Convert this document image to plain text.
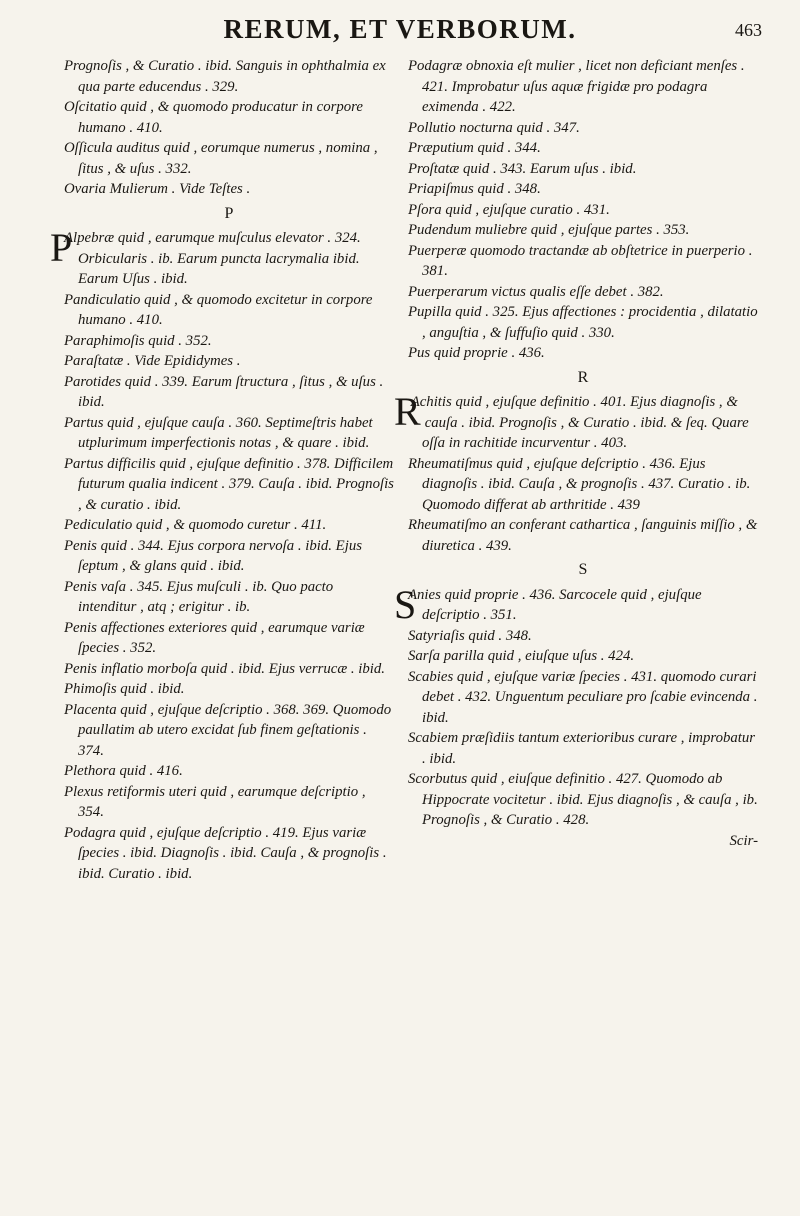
RERUM, ET VERBORUM.	463

Prognoſis , & Curatio . ibid. Sanguis in ophthalmia ex qua parte educendus . 329.

Oſcitatio quid , & quomodo producatur in corpore humano . 410.

Oſſicula auditus quid , eorumque numerus , nomina , ſitus , & uſus . 332.

Ovaria Mulierum . Vide Teſtes .

P

P
Alpebræ quid , earumque muſculus elevator . 324. Orbicularis . ib. Earum puncta lacrymalia ibid. Earum Uſus . ibid.

Pandiculatio quid , & quomodo excitetur in corpore humano . 410.

Paraphimoſis quid . 352.

Paraſtatæ . Vide Epididymes .

Parotides quid . 339. Earum ſtructura , ſitus , & uſus . ibid.

Partus quid , ejuſque cauſa . 360. Septimeſtris habet utplurimum imperfectionis notas , & quare . ibid.

Partus difficilis quid , ejuſque definitio . 378. Difficilem futurum qualia indicent . 379. Cauſa . ibid. Prognoſis , & curatio . ibid.

Pediculatio quid , & quomodo curetur . 411.

Penis quid . 344. Ejus corpora nervoſa . ibid. Ejus ſeptum , & glans quid . ibid.

Penis vaſa . 345. Ejus muſculi . ib. Quo pacto intenditur , atq ; erigitur . ib.

Penis affectiones exteriores quid , earumque variæ ſpecies . 352.

Penis inflatio morboſa quid . ibid. Ejus verrucæ . ibid.

Phimoſis quid . ibid.

Placenta quid , ejuſque deſcriptio . 368. 369. Quomodo paullatim ab utero excidat ſub finem geſtationis . 374.

Plethora quid . 416.

Plexus retiformis uteri quid , earumque deſcriptio , 354.

Podagra quid , ejuſque deſcriptio . 419. Ejus variæ ſpecies . ibid. Diagnoſis . ibid. Cauſa , & prognoſis . ibid. Curatio . ibid.

Podagræ obnoxia eſt mulier , licet non deficiant menſes . 421. Improbatur uſus aquæ frigidæ pro podagra eximenda . 422.

Pollutio nocturna quid . 347.

Præputium quid . 344.

Proſtatæ quid . 343. Earum uſus . ibid.

Priapiſmus quid . 348.

Pſora quid , ejuſque curatio . 431.

Pudendum muliebre quid , ejuſque partes . 353.

Puerperæ quomodo tractandæ ab obſtetrice in puerperio . 381.

Puerperarum victus qualis eſſe debet . 382.

Pupilla quid . 325. Ejus affectiones : procidentia , dilatatio , anguſtia , & ſuffuſio quid . 330.

Pus quid proprie . 436.

R

R
Achitis quid , ejuſque definitio . 401. Ejus diagnoſis , & cauſa . ibid. Prognoſis , & Curatio . ibid. & ſeq. Quare oſſa in rachitide incurventur . 403.

Rheumatiſmus quid , ejuſque deſcriptio . 436. Ejus diagnoſis . ibid. Cauſa , & prognoſis . 437. Curatio . ib. Quomodo differat ab arthritide . 439

Rheumatiſmo an conferant cathartica , ſanguinis miſſio , & diuretica . 439.

S

S
Anies quid proprie . 436. Sarcocele quid , ejuſque deſcriptio . 351.

Satyriaſis quid . 348.

Sarſa parilla quid , eiuſque uſus . 424.

Scabies quid , ejuſque variæ ſpecies . 431. quomodo curari debet . 432. Unguentum peculiare pro ſcabie evincenda . ibid.

Scabiem præſidiis tantum exterioribus curare , improbatur . ibid.

Scorbutus quid , eiuſque definitio . 427. Quomodo ab Hippocrate vocitetur . ibid. Ejus diagnoſis , & cauſa , ib. Prognoſis , & Curatio . 428.

Scir-
